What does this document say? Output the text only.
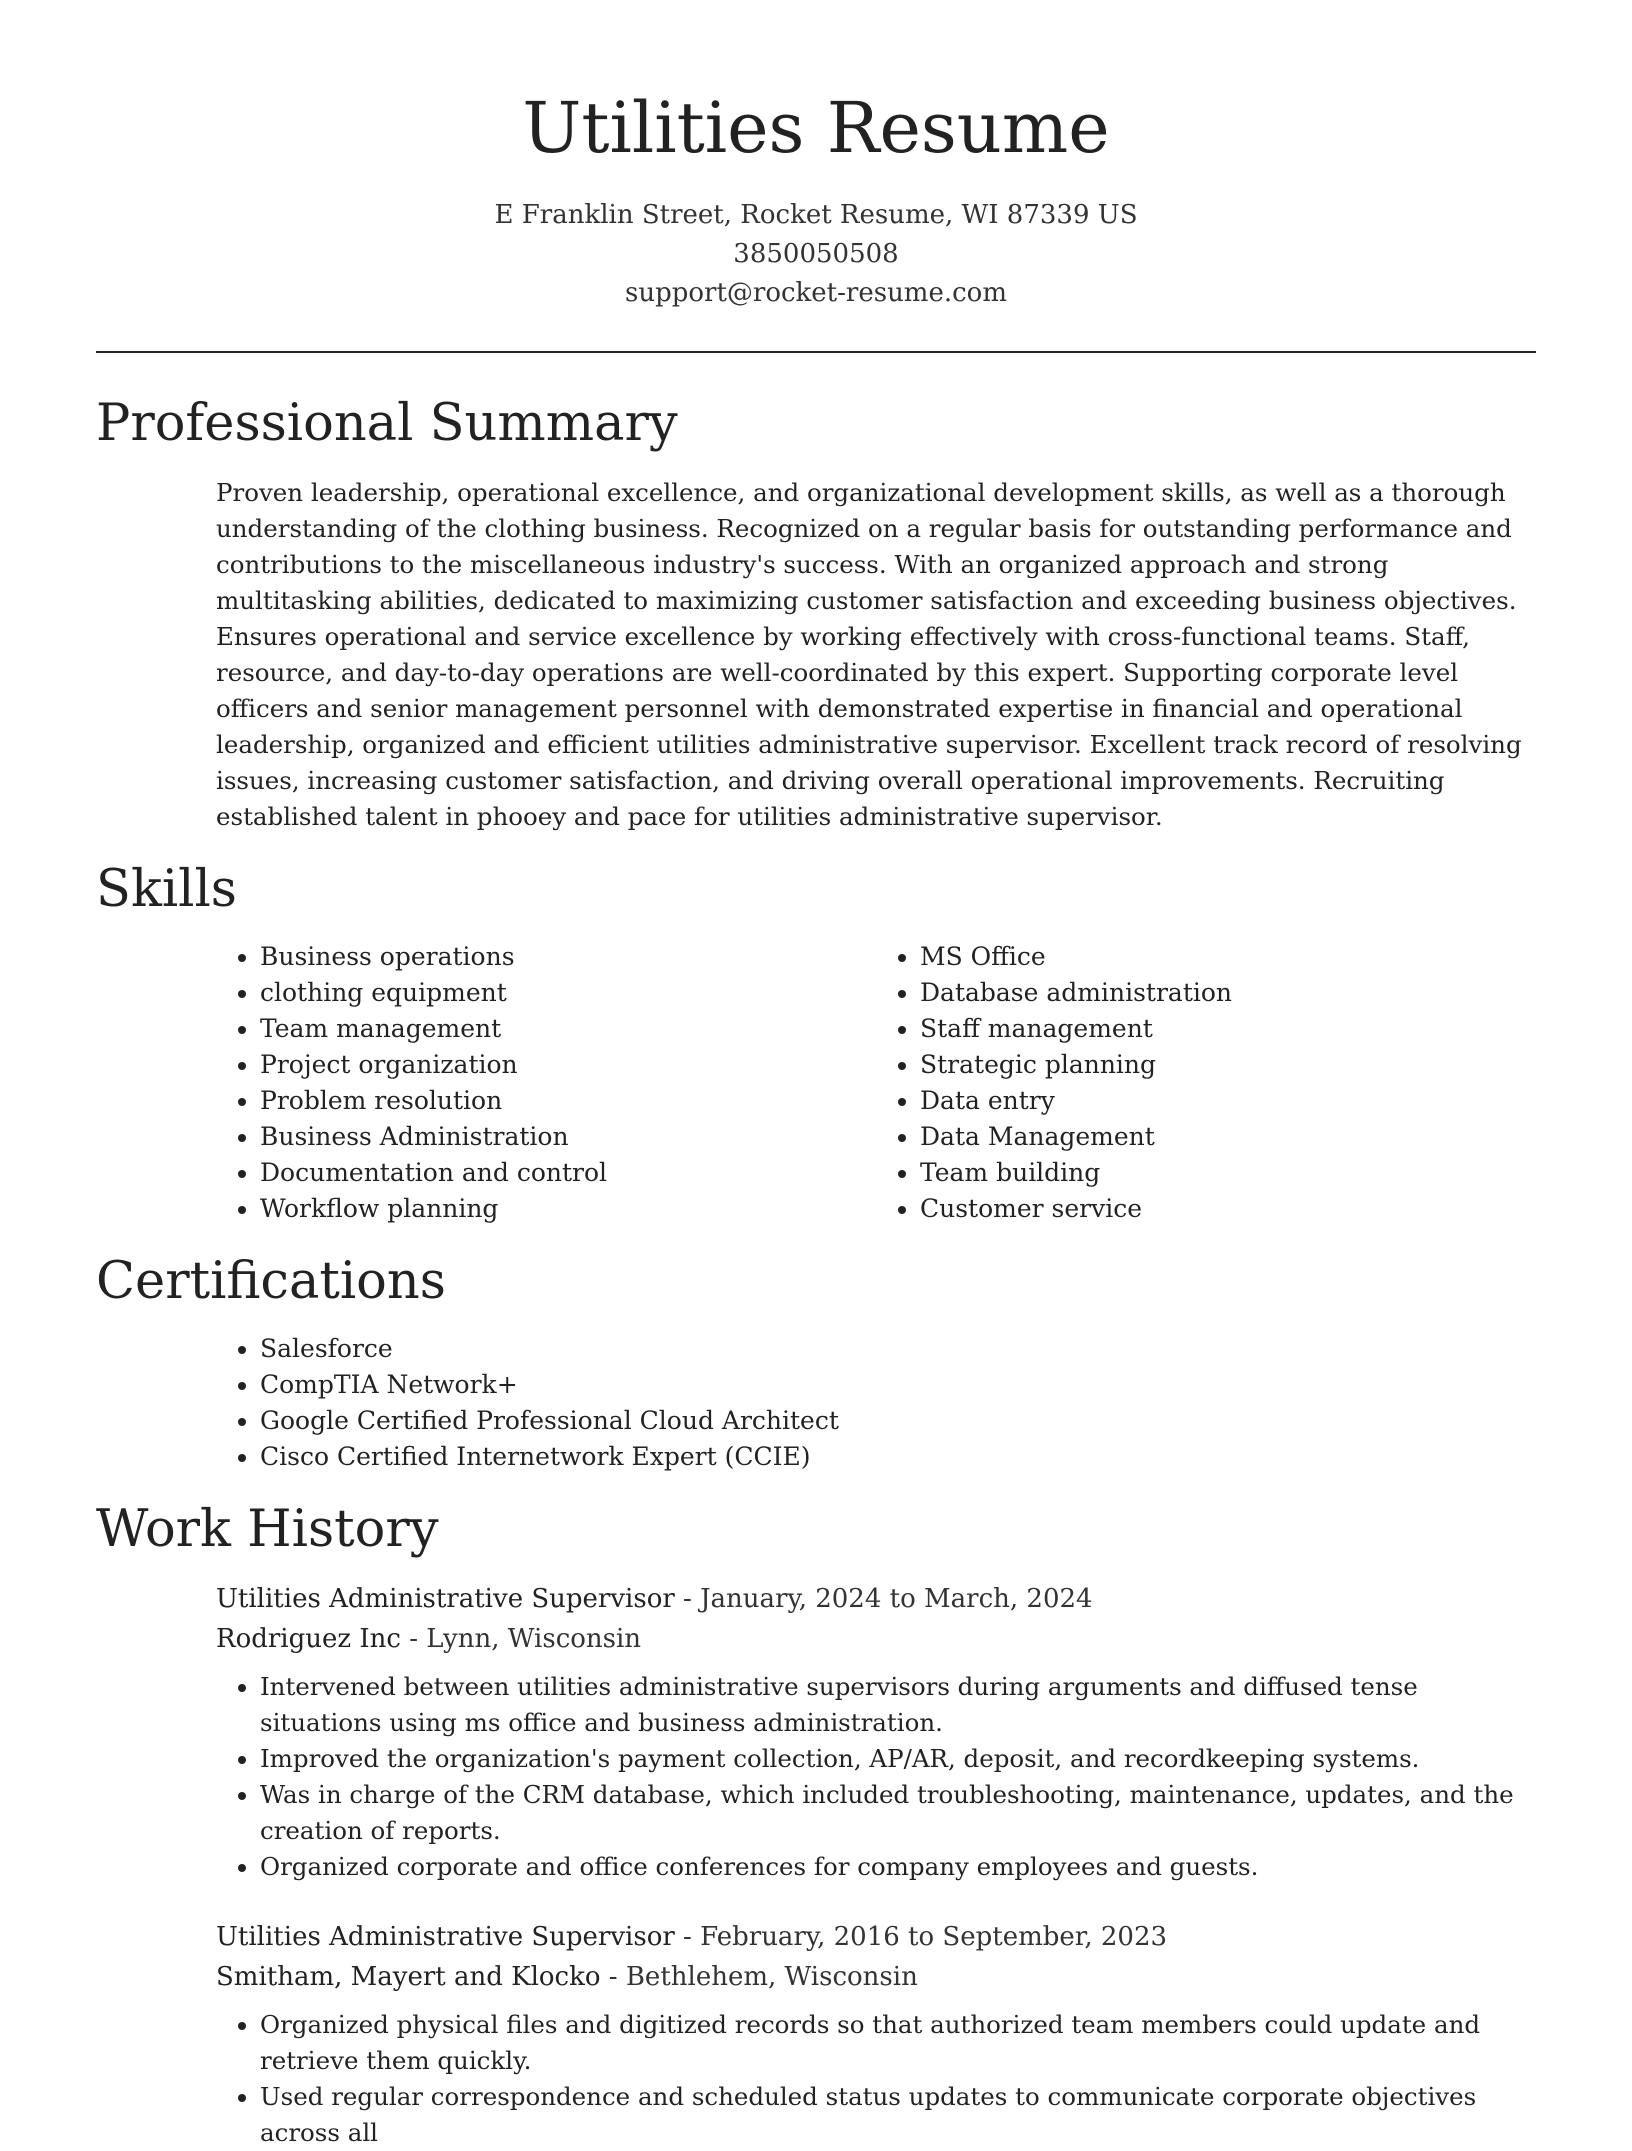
Utilities Resume
E Franklin Street, Rocket Resume, WI 87339 US
3850050508
support@rocket-resume.com
Professional Summary

Proven leadership, operational excellence, and organizational development skills, as well as a thorough understanding of the clothing business. Recognized on a regular basis for outstanding performance and contributions to the miscellaneous industry's success. With an organized approach and strong multitasking abilities, dedicated to maximizing customer satisfaction and exceeding business objectives. Ensures operational and service excellence by working effectively with cross-functional teams. Staff, resource, and day-to-day operations are well-coordinated by this expert. Supporting corporate level officers and senior management personnel with demonstrated expertise in financial and operational leadership, organized and efficient utilities administrative supervisor. Excellent track record of resolving issues, increasing customer satisfaction, and driving overall operational improvements. Recruiting established talent in phooey and pace for utilities administrative supervisor.

Skills
• Business operations
• clothing equipment
• Team management
• Project organization
• Problem resolution
• Business Administration
• Documentation and control
• Workflow planning
• MS Office
• Database administration
• Staff management
• Strategic planning
• Data entry
• Data Management
• Team building
• Customer service
Certifications
• Salesforce
• CompTIA Network+
• Google Certified Professional Cloud Architect
• Cisco Certified Internetwork Expert (CCIE)
Work History
Utilities Administrative Supervisor - January, 2024 to March, 2024
Rodriguez Inc - Lynn, Wisconsin
• Intervened between utilities administrative supervisors during arguments and diffused tense situations using ms office and business administration.
• Improved the organization's payment collection, AP/AR, deposit, and recordkeeping systems.
• Was in charge of the CRM database, which included troubleshooting, maintenance, updates, and the creation of reports.
• Organized corporate and office conferences for company employees and guests.
Utilities Administrative Supervisor - February, 2016 to September, 2023
Smitham, Mayert and Klocko - Bethlehem, Wisconsin
• Organized physical files and digitized records so that authorized team members could update and retrieve them quickly.
• Used regular correspondence and scheduled status updates to communicate corporate objectives across all
